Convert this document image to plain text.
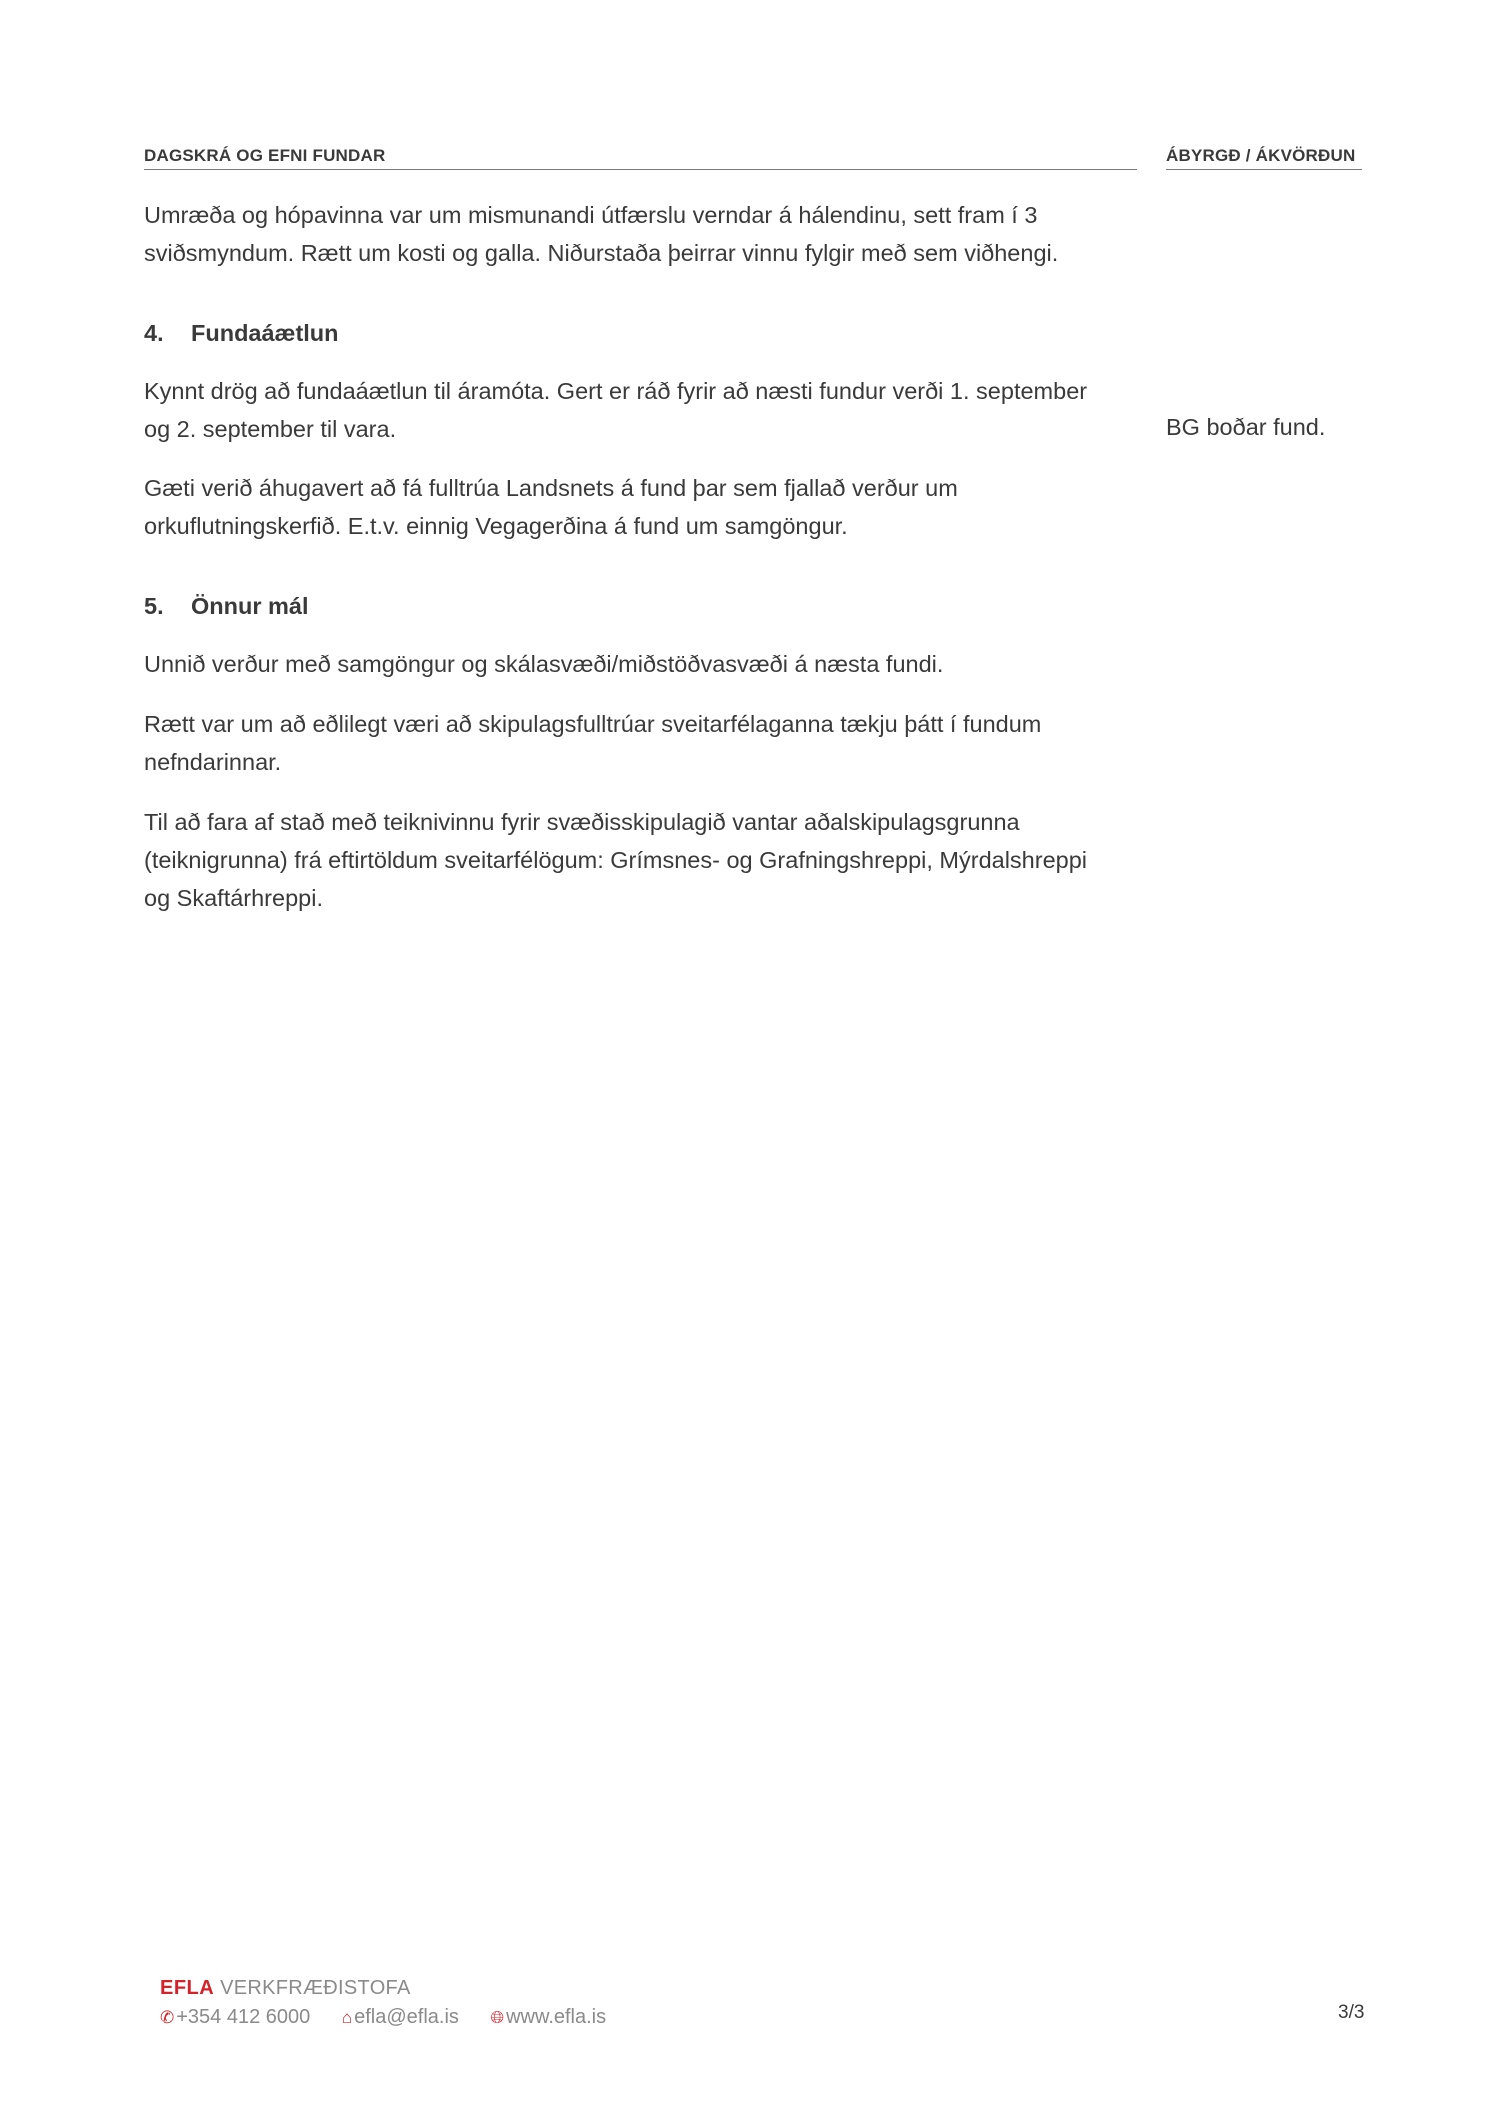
DAGSKRÁ OG EFNI FUNDAR	ÁBYRGÐ / ÁKVÖRÐUN
Umræða og hópavinna var um mismunandi útfærslu verndar á hálendinu, sett fram í 3
sviðsmyndum. Rætt um kosti og galla. Niðurstaða þeirrar vinnu fylgir með sem viðhengi.
4. Fundaáætlun
Kynnt drög að fundaáætlun til áramóta. Gert er ráð fyrir að næsti fundur verði 1. september
og 2. september til vara.	BG boðar fund.
Gæti verið áhugavert að fá fulltrúa Landsnets á fund þar sem fjallað verður um
orkuflutningskerfið. E.t.v. einnig Vegagerðina á fund um samgöngur.
5. Önnur mál
Unnið verður með samgöngur og skálasvæði/miðstöðvasvæði á næsta fundi.
Rætt var um að eðlilegt væri að skipulagsfulltrúar sveitarfélaganna tækju þátt í fundum
nefndarinnar.
Til að fara af stað með teiknivinnu fyrir svæðisskipulagið vantar aðalskipulagsgrunna
(teiknigrunna) frá eftirtöldum sveitarfélögum: Grímsnes- og Grafningshreppi, Mýrdalshreppi
og Skaftárhreppi.
EFLA VERKFRÆÐISTOFA
✆ +354 412 6000 ⌂ efla@efla.is 🌐︎ www.efla.is	3/3
